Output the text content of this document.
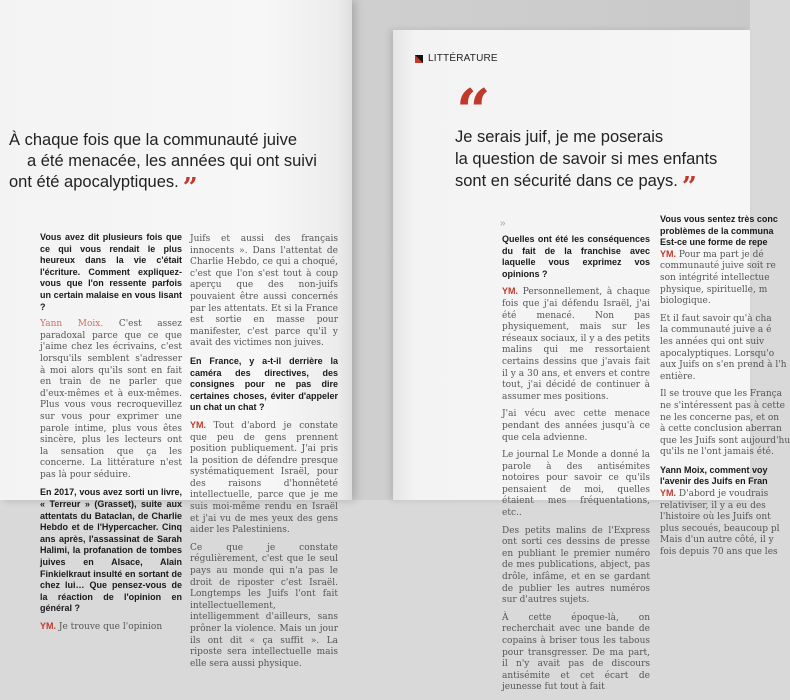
À chaque fois que la communauté juive
a été menacée, les années qui ont suivi
ont été apocalyptiques. ”

Vous avez dit plusieurs fois que ce qui vous rendait le plus heureux dans la vie c'était l'écriture. Comment expliquez-vous que l'on ressente parfois un certain malaise en vous lisant ?

Yann Moix. C'est assez paradoxal parce que ce que j'aime chez les écrivains, c'est lorsqu'ils semblent s'adresser à moi alors qu'ils sont en fait en train de ne parler que d'eux-mêmes et à eux-mêmes. Plus vous vous recroquevillez sur vous pour exprimer une parole intime, plus vous êtes sincère, plus les lecteurs ont la sensation que ça les concerne. La littérature n'est pas là pour séduire.

En 2017, vous avez sorti un livre, « Terreur » (Grasset), suite aux attentats du Bataclan, de Charlie Hebdo et de l'Hypercacher. Cinq ans après, l'assassinat de Sarah Halimi, la profanation de tombes juives en Alsace, Alain Finkielkraut insulté en sortant de chez lui… Que pensez-vous de la réaction de l'opinion en général ?

YM. Je trouve que l'opinion

Juifs et aussi des français innocents ». Dans l'attentat de Charlie Hebdo, ce qui a choqué, c'est que l'on s'est tout à coup aperçu que des non-juifs pouvaient être aussi concernés par les attentats. Et si la France est sortie en masse pour manifester, c'est parce qu'il y avait des victimes non juives.

En France, y a-t-il derrière la caméra des directives, des consignes pour ne pas dire certaines choses, éviter d'appeler un chat un chat ?

YM. Tout d'abord je constate que peu de gens prennent position publiquement. J'ai pris la position de défendre presque systématiquement Israël, pour des raisons d'honnêteté intellectuelle, parce que je me suis moi-même rendu en Israël et j'ai vu de mes yeux des gens aider les Palestiniens.

Ce que je constate régulièrement, c'est que le seul pays au monde qui n'a pas le droit de riposter c'est Israël. Longtemps les Juifs l'ont fait intellectuellement, intelligemment d'ailleurs, sans prôner la violence. Mais un jour ils ont dit « ça suffit ». La riposte sera intellectuelle mais elle sera aussi physique.

LITTÉRATURE
“
Je serais juif, je me poserais
la question de savoir si mes enfants
sont en sécurité dans ce pays. ”
»

Quelles ont été les conséquences du fait de la franchise avec laquelle vous exprimez vos opinions ?

YM. Personnellement, à chaque fois que j'ai défendu Israël, j'ai été menacé. Non pas physiquement, mais sur les réseaux sociaux, il y a des petits malins qui me ressortaient certains dessins que j'avais fait il y a 30 ans, et envers et contre tout, j'ai décidé de continuer à assumer mes positions.

J'ai vécu avec cette menace pendant des années jusqu'à ce que cela advienne.

Le journal Le Monde a donné la parole à des antisémites notoires pour savoir ce qu'ils pensaient de moi, quelles étaient mes fréquentations, etc..

Des petits malins de l'Express ont sorti ces dessins de presse en publiant le premier numéro de mes publications, abject, pas drôle, infâme, et en se gardant de publier les autres numéros sur d'autres sujets.

À cette époque-là, on recherchait avec une bande de copains à briser tous les tabous pour transgresser. De ma part, il n'y avait pas de discours antisémite et cet écart de jeunesse fut tout à fait

Vous vous sentez très conc
problèmes de la communa
Est-ce une forme de repe
YM. Pour ma part je dé
communauté juive soit re
son intégrité intellectue
physique, spirituelle, m
biologique.
Et il faut savoir qu'à cha
la communauté juive a é
les années qui ont suiv
apocalyptiques. Lorsqu'o
aux Juifs on s'en prend à l'h
entière.
Il se trouve que les França
ne s'intéressent pas à cette
ne les concerne pas, et on
à cette conclusion aberran
que les Juifs sont aujourd'hu
qu'ils ne l'ont jamais été.
Yann Moix, comment voy
l'avenir des Juifs en Fran
YM. D'abord je voudrais
relativiser, il y a eu des
l'histoire où les Juifs ont
plus secoués, beaucoup pl
Mais d'un autre côté, il y
fois depuis 70 ans que les
